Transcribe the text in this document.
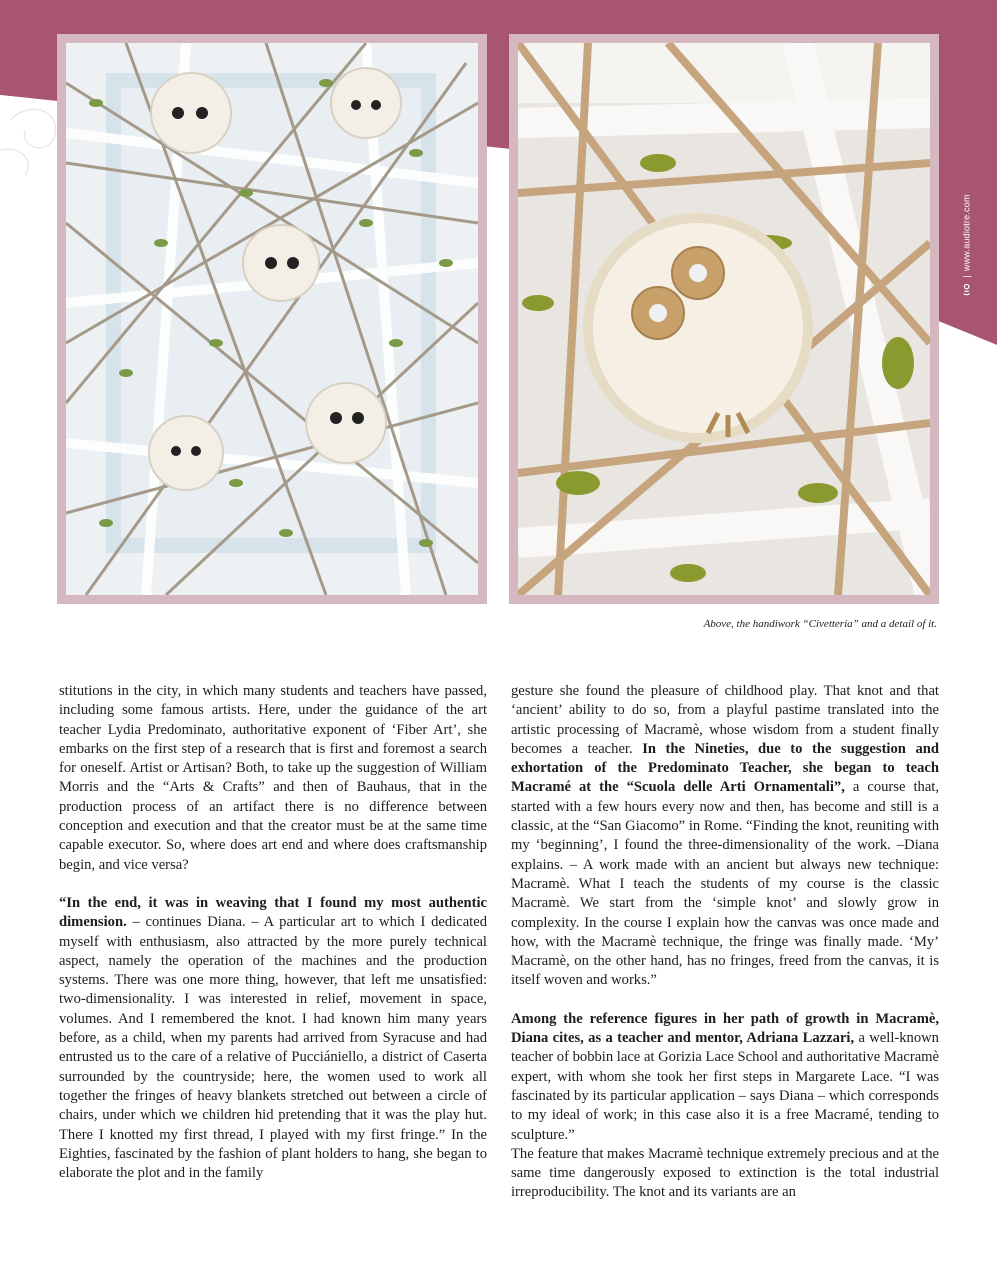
|
www.audiotre.com
Above, the handiwork “Civetteria” and a detail of it.

stitutions in the city, in which many students and teachers have passed, including some famous artists. Here, under the guidance of the art teacher Lydia Predominato, authoritative exponent of ‘Fiber Art’, she embarks on the first step of a research that is first and foremost a search for oneself. Artist or Artisan? Both, to take up the suggestion of William Morris and the “Arts & Crafts” and then of Bauhaus, that in the production process of an artifact there is no difference between conception and execution and that the creator must be at the same time capable executor. So, where does art end and where does craftsmanship begin, and vice versa?

“In the end, it was in weaving that I found my most authentic dimension. – continues Diana. – A particular art to which I dedicated myself with enthusiasm, also attracted by the more purely technical aspect, namely the operation of the machines and the production systems. There was one more thing, however, that left me unsatisfied: two-dimensionality. I was interested in relief, movement in space, volumes. And I remembered the knot. I had known him many years before, as a child, when my parents had arrived from Syracuse and had entrusted us to the care of a relative of Pucciániello, a district of Caserta surrounded by the countryside; here, the women used to work all together the fringes of heavy blankets stretched out between a circle of chairs, under which we children hid pretending that it was the play hut. There I knotted my first thread, I played with my first fringe.” In the Eighties, fascinated by the fashion of plant holders to hang, she began to elaborate the plot and in the family

gesture she found the pleasure of childhood play. That knot and that ‘ancient’ ability to do so, from a playful pastime translated into the artistic processing of Macramè, whose wisdom from a student finally becomes a teacher. In the Nineties, due to the suggestion and exhortation of the Predominato Teacher, she began to teach Macramé at the “Scuola delle Arti Ornamentali”, a course that, started with a few hours every now and then, has become and still is a classic, at the “San Giacomo” in Rome. “Finding the knot, reuniting with my ‘beginning’, I found the three-dimensionality of the work. –Diana explains. – A work made with an ancient but always new technique: Macramè. What I teach the students of my course is the classic Macramè. We start from the ‘simple knot’ and slowly grow in complexity. In the course I explain how the canvas was once made and how, with the Macramè technique, the fringe was finally made. ‘My’ Macramè, on the other hand, has no fringes, freed from the canvas, it is itself woven and works.”

Among the reference figures in her path of growth in Macramè, Diana cites, as a teacher and mentor, Adriana Lazzari, a well-known teacher of bobbin lace at Gorizia Lace School and authoritative Macramè expert, with whom she took her first steps in Margarete Lace. “I was fascinated by its particular application – says Diana – which corresponds to my ideal of work; in this case also it is a free Macramé, tending to sculpture.”

The feature that makes Macramè technique extremely precious and at the same time dangerously exposed to extinction is the total industrial irreproducibility. The knot and its variants are an
